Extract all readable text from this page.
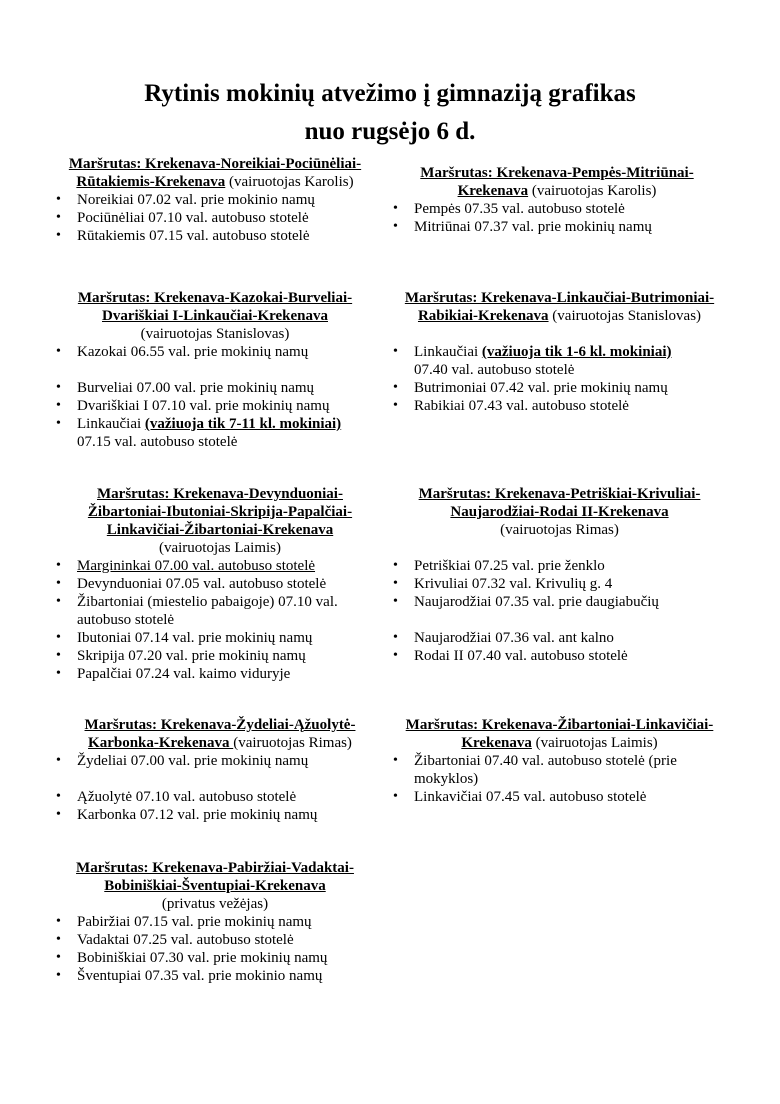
Rytinis mokinių atvežimo į gimnaziją grafikas
nuo rugsėjo 6 d.

Maršrutas: Krekenava-Noreikiai-Pociūnėliai-
Rūtakiemis-Krekenava (vairuotojas Karolis)

• Noreikiai 07.02 val. prie mokinio namų
• Pociūnėliai 07.10 val. autobuso stotelė
• Rūtakiemis 07.15 val. autobuso stotelė

Maršrutas: Krekenava-Pempės-Mitriūnai-
Krekenava (vairuotojas Karolis)

• Pempės 07.35 val. autobuso stotelė
• Mitriūnai 07.37 val. prie mokinių namų

Maršrutas: Krekenava-Kazokai-Burveliai-
Dvariškiai I-Linkaučiai-Krekenava
(vairuotojas Stanislovas)

• Kazokai 06.55 val. prie mokinių namų
• Burveliai 07.00 val. prie mokinių namų
• Dvariškiai I 07.10 val. prie mokinių namų
• Linkaučiai (važiuoja tik 7-11 kl. mokiniai)
07.15 val. autobuso stotelė

Maršrutas: Krekenava-Linkaučiai-Butrimoniai-
Rabikiai-Krekenava (vairuotojas Stanislovas)

• Linkaučiai (važiuoja tik 1-6 kl. mokiniai)
07.40 val. autobuso stotelė
• Butrimoniai 07.42 val. prie mokinių namų
• Rabikiai 07.43 val. autobuso stotelė

Maršrutas: Krekenava-Devynduoniai-
Žibartoniai-Ibutoniai-Skripija-Papalčiai-
Linkavičiai-Žibartoniai-Krekenava
(vairuotojas Laimis)

• Margininkai 07.00 val. autobuso stotelė
• Devynduoniai 07.05 val. autobuso stotelė
• Žibartoniai (miestelio pabaigoje) 07.10 val. autobuso stotelė
• Ibutoniai 07.14 val. prie mokinių namų
• Skripija 07.20 val. prie mokinių namų
• Papalčiai 07.24 val. kaimo viduryje

Maršrutas: Krekenava-Petriškiai-Krivuliai-
Naujarodžiai-Rodai II-Krekenava
(vairuotojas Rimas)

• Petriškiai 07.25 val. prie ženklo
• Krivuliai 07.32 val. Krivulių g. 4
• Naujarodžiai 07.35 val. prie daugiabučių
• Naujarodžiai 07.36 val. ant kalno
• Rodai II 07.40 val. autobuso stotelė

Maršrutas: Krekenava-Žydeliai-Ąžuolytė-
Karbonka-Krekenava (vairuotojas Rimas)

• Žydeliai 07.00 val. prie mokinių namų
• Ąžuolytė 07.10 val. autobuso stotelė
• Karbonka 07.12 val. prie mokinių namų

Maršrutas: Krekenava-Žibartoniai-Linkavičiai-
Krekenava (vairuotojas Laimis)

• Žibartoniai 07.40 val. autobuso stotelė (prie mokyklos)
• Linkavičiai 07.45 val. autobuso stotelė

Maršrutas: Krekenava-Pabiržiai-Vadaktai-
Bobiniškiai-Šventupiai-Krekenava
(privatus vežėjas)

• Pabiržiai 07.15 val. prie mokinių namų
• Vadaktai 07.25 val. autobuso stotelė
• Bobiniškiai 07.30 val. prie mokinių namų
• Šventupiai 07.35 val. prie mokinio namų
